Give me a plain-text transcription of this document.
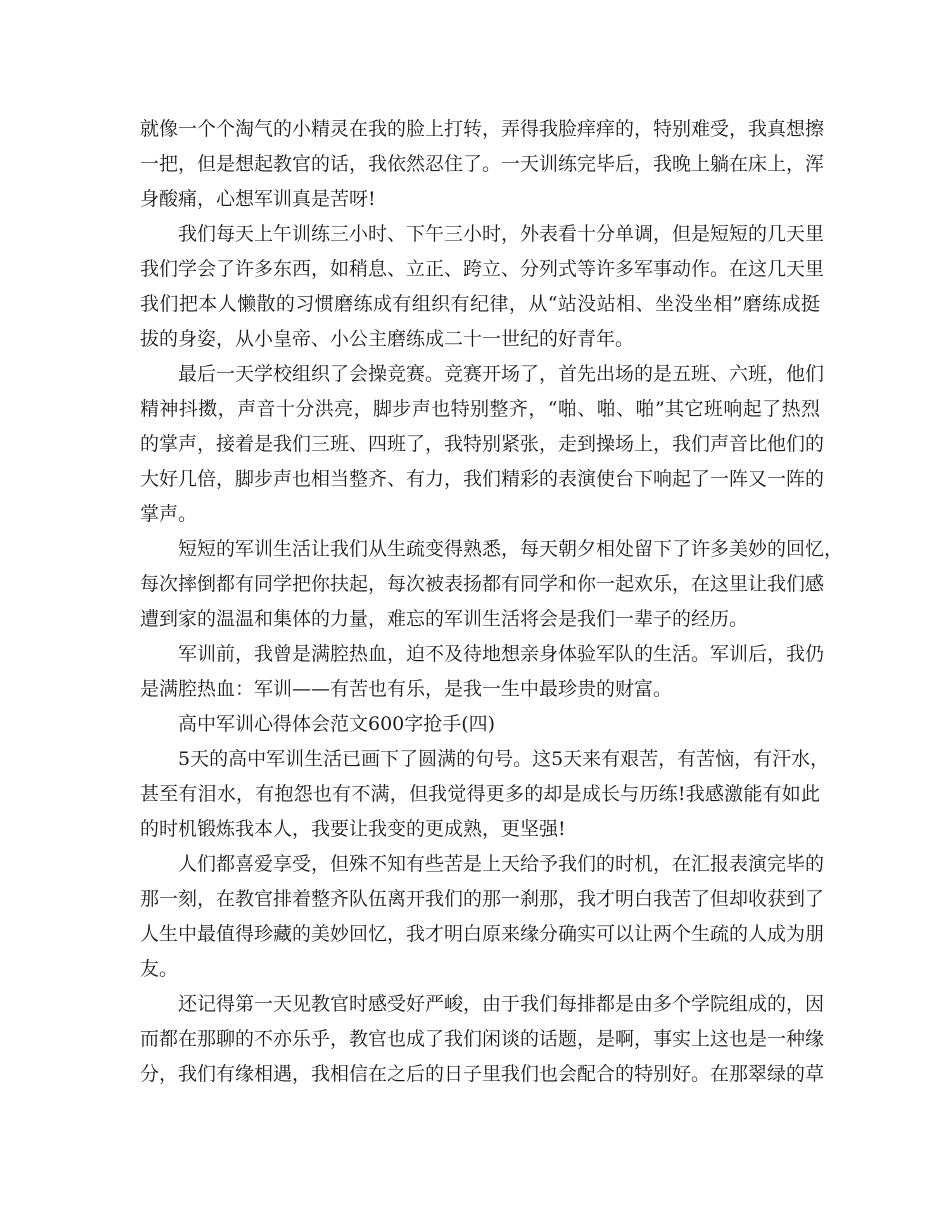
就像一个个淘气的小精灵在我的脸上打转，弄得我脸痒痒的，特别难受，我真想擦
一把，但是想起教官的话，我依然忍住了。一天训练完毕后，我晚上躺在床上，浑
身酸痛，心想军训真是苦呀!
我们每天上午训练三小时、下午三小时，外表看十分单调，但是短短的几天里
我们学会了许多东西，如稍息、立正、跨立、分列式等许多军事动作。在这几天里
我们把本人懒散的习惯磨练成有组织有纪律，从“站没站相、坐没坐相”磨练成挺
拔的身姿，从小皇帝、小公主磨练成二十一世纪的好青年。
最后一天学校组织了会操竞赛。竞赛开场了，首先出场的是五班、六班，他们
精神抖擞，声音十分洪亮，脚步声也特别整齐，“啪、啪、啪”其它班响起了热烈
的掌声，接着是我们三班、四班了，我特别紧张，走到操场上，我们声音比他们的
大好几倍，脚步声也相当整齐、有力，我们精彩的表演使台下响起了一阵又一阵的
掌声。
短短的军训生活让我们从生疏变得熟悉，每天朝夕相处留下了许多美妙的回忆，
每次摔倒都有同学把你扶起，每次被表扬都有同学和你一起欢乐，在这里让我们感
遭到家的温温和集体的力量，难忘的军训生活将会是我们一辈子的经历。
军训前，我曾是满腔热血，迫不及待地想亲身体验军队的生活。军训后，我仍
是满腔热血：军训——有苦也有乐，是我一生中最珍贵的财富。
高中军训心得体会范文600字抢手(四)
5天的高中军训生活已画下了圆满的句号。这5天来有艰苦，有苦恼，有汗水，
甚至有泪水，有抱怨也有不满，但我觉得更多的却是成长与历练!我感激能有如此
的时机锻炼我本人，我要让我变的更成熟，更坚强!
人们都喜爱享受，但殊不知有些苦是上天给予我们的时机，在汇报表演完毕的
那一刻，在教官排着整齐队伍离开我们的那一刹那，我才明白我苦了但却收获到了
人生中最值得珍藏的美妙回忆，我才明白原来缘分确实可以让两个生疏的人成为朋
友。
还记得第一天见教官时感受好严峻，由于我们每排都是由多个学院组成的，因
而都在那聊的不亦乐乎，教官也成了我们闲谈的话题，是啊，事实上这也是一种缘
分，我们有缘相遇，我相信在之后的日子里我们也会配合的特别好。在那翠绿的草
